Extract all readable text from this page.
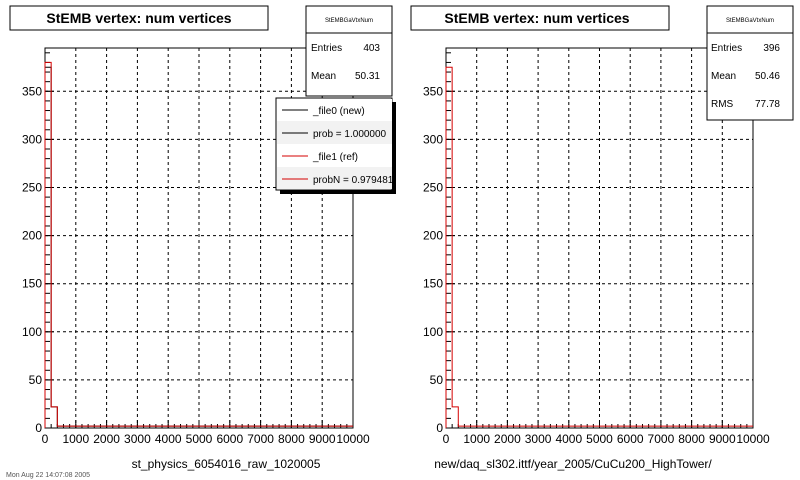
0 1000 2000 3000 4000 5000 6000 7000 8000 9000 10000
0
50
100
150
200
250
300
350
StEMB vertex: num vertices	StEMBGaVtxNum
Entries 403
Mean 50.31
_file0 (new)
prob = 1.000000
_file1 (ref)
probN = 0.979481
st_physics_6054016_raw_1020005
0 1000 2000 3000 4000 5000 6000 7000 8000 9000 10000
0
50
100
150
200
250
300
350
StEMB vertex: num vertices	StEMBGaVtxNum
Entries 396
Mean 50.46
RMS 77.78
new/daq_sl302.ittf/year_2005/CuCu200_HighTower/
Mon Aug 22 14:07:08 2005
